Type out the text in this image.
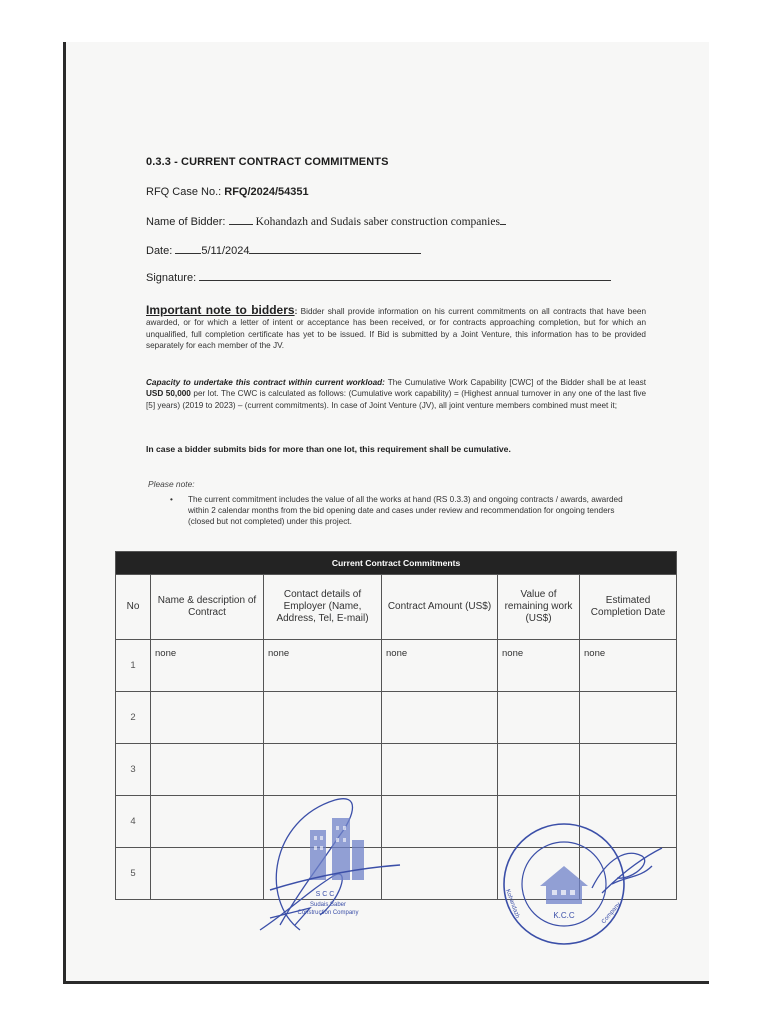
0.3.3 - CURRENT CONTRACT COMMITMENTS
RFQ Case No.: RFQ/2024/54351
Name of Bidder:	Kohandazh and Sudais saber construction companies
Date:	5/11/2024
Signature:
Important note to bidders: Bidder shall provide information on his current commitments on all contracts that have been awarded, or for which a letter of intent or acceptance has been received, or for contracts approaching completion, but for which an unqualified, full completion certificate has yet to be issued. If Bid is submitted by a Joint Venture, this information has to be provided separately for each member of the JV.
Capacity to undertake this contract within current workload: The Cumulative Work Capability [CWC] of the Bidder shall be at least USD 50,000 per lot. The CWC is calculated as follows: (Cumulative work capability) = (Highest annual turnover in any one of the last five [5] years) (2019 to 2023) – (current commitments). In case of Joint Venture (JV), all joint venture members combined must meet it;
In case a bidder submits bids for more than one lot, this requirement shall be cumulative.
Please note:
• The current commitment includes the value of all the works at hand (RS 0.3.3) and ongoing contracts / awards, awarded within 2 calendar months from the bid opening date and cases under review and recommendation for ongoing tenders (closed but not completed) under this project.
Current Contract Commitments					
No	Name & description of Contract	Contact details of Employer (Name, Address, Tel, E-mail)	Contract Amount (US$)	Value of remaining work (US$)	Estimated Completion Date
1	none	none	none	none	none
2					
3					
4					
5					
S C C
Sudais Saber
Construction Company	K.C.C
Kohandazh	Company
